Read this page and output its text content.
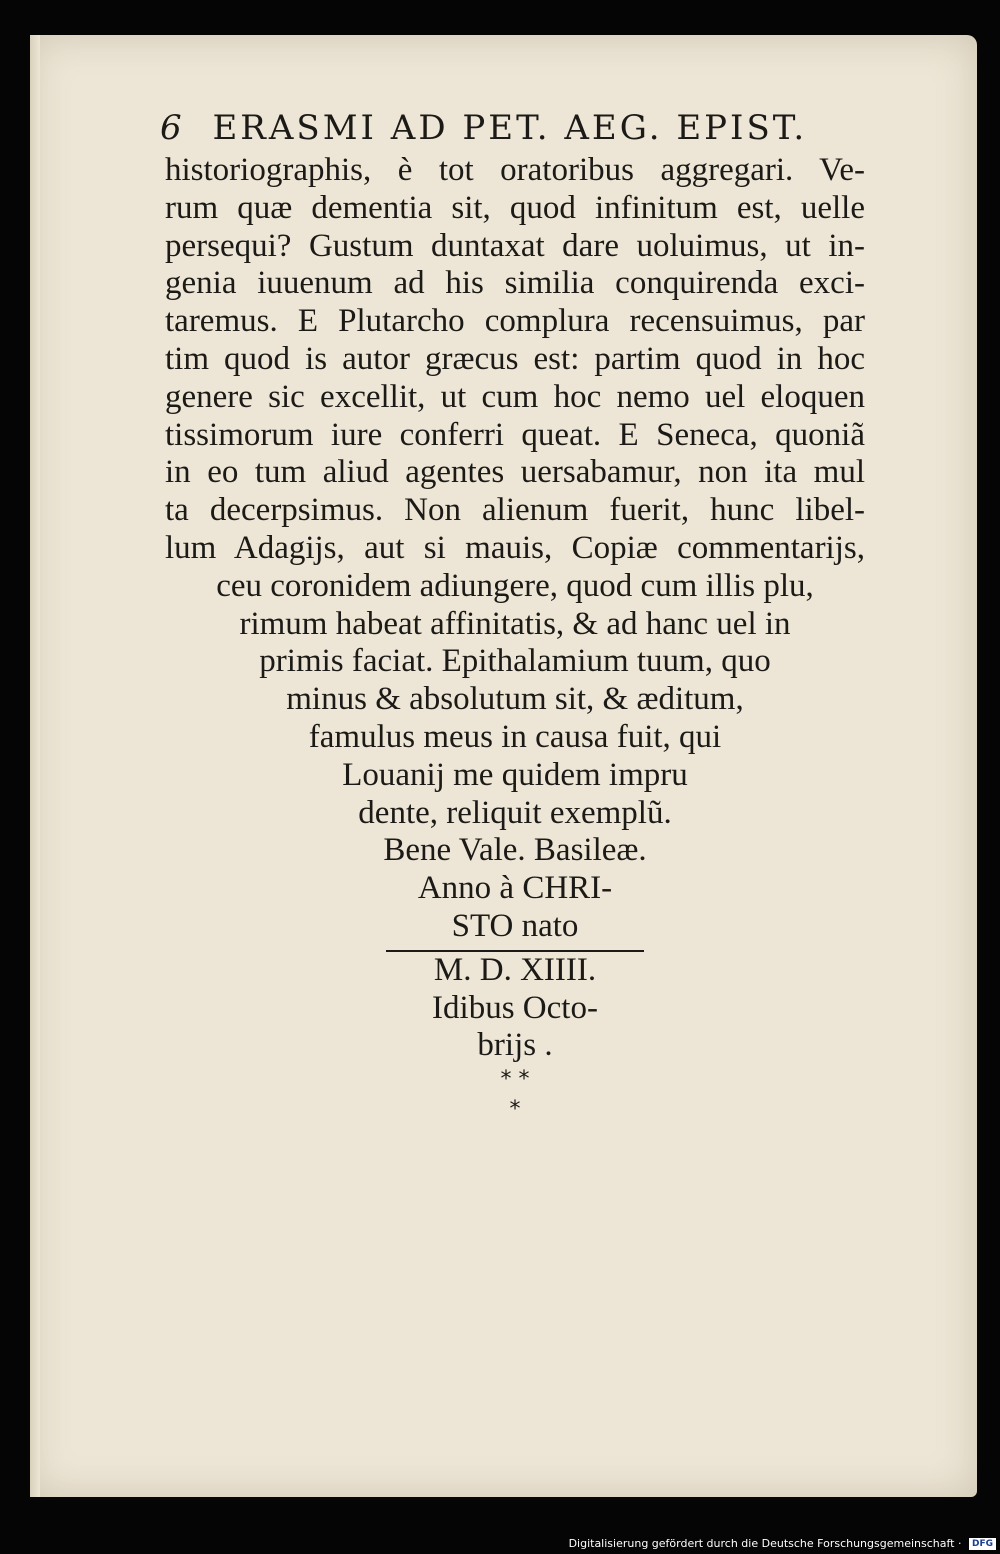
6 ERASMI AD PET. AEG. EPIST.
historiographis, è tot oratoribus aggregari. Ve-
rum quæ dementia sit, quod infinitum est, uelle
persequi? Gustum duntaxat dare uoluimus, ut in-
genia iuuenum ad his similia conquirenda exci-
taremus. E Plutarcho complura recensuimus, par
tim quod is autor græcus est: partim quod in hoc
genere sic excellit, ut cum hoc nemo uel eloquen
tissimorum iure conferri queat. E Seneca, quoniã
in eo tum aliud agentes uersabamur, non ita mul
ta decerpsimus. Non alienum fuerit, hunc libel-
lum Adagijs, aut si mauis, Copiæ commentarijs,
ceu coronidem adiungere, quod cum illis plu,
rimum habeat affinitatis, & ad hanc uel in
primis faciat. Epithalamium tuum, quo
minus & absolutum sit, & æditum,
famulus meus in causa fuit, qui
Louanij me quidem impru
dente, reliquit exemplũ.
Bene Vale. Basileæ.
Anno à CHRI-
STO nato
M. D. XIIII.
Idibus Octo-
brijs .
* *
*
Digitalisierung gefördert durch die Deutsche Forschungsgemeinschaft · DFG
